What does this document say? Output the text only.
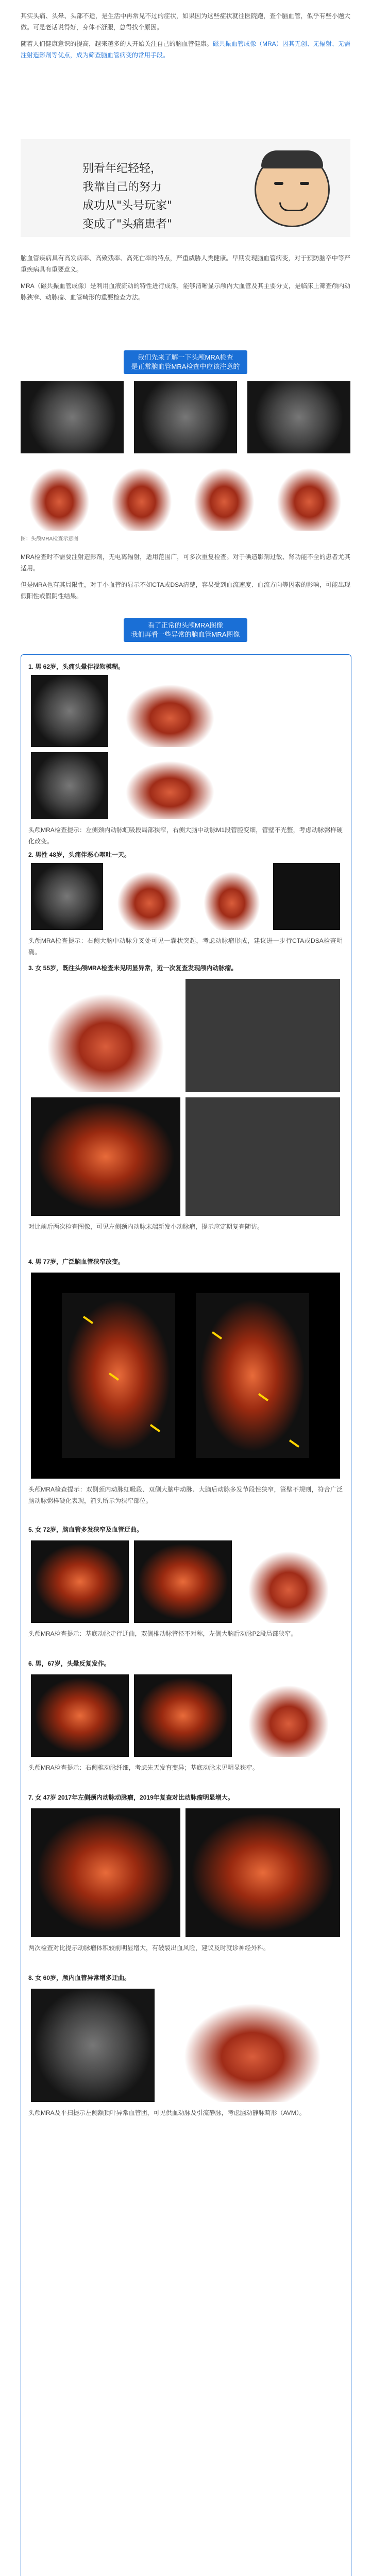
其实头痛、头晕、头部不适，是生活中再常见不过的症状，如果因为这些症状就往医院跑，查个脑血管，似乎有些小题大做。可是老话说得好，身体不舒服，总得找个原因。

随着人们健康意识的提高，越来越多的人开始关注自己的脑血管健康。磁共振血管成像（MRA）因其无创、无辐射、无需注射造影剂等优点，成为筛查脑血管病变的常用手段。

别看年纪轻轻，
我靠自己的努力
成功从"头号玩家"
变成了"头痛患者"

脑血管疾病具有高发病率、高致残率、高死亡率的特点，严重威胁人类健康。早期发现脑血管病变，对于预防脑卒中等严重疾病具有重要意义。

MRA（磁共振血管成像）是利用血液流动的特性进行成像，能够清晰显示颅内大血管及其主要分支，是临床上筛查颅内动脉狭窄、动脉瘤、血管畸形的重要检查方法。

我们先来了解一下头颅MRA检查
是正常脑血管MRA检查中应该注意的
图：头颅MRA检查示意图

MRA检查时不需要注射造影剂，无电离辐射，适用范围广，可多次重复检查。对于碘造影剂过敏、肾功能不全的患者尤其适用。

但是MRA也有其局限性，对于小血管的显示不如CTA或DSA清楚，容易受到血流速度、血流方向等因素的影响，可能出现假阳性或假阴性结果。

看了正常的头颅MRA图像
我们再看一些异常的脑血管MRA图像
1. 男 62岁，头痛头晕伴视物模糊。
头颅MRA检查提示：左侧颈内动脉虹吸段局部狭窄，右侧大脑中动脉M1段管腔变细，管壁不光整，考虑动脉粥样硬化改变。
2. 男性 48岁，头痛伴恶心呕吐一天。
头颅MRA检查提示：右侧大脑中动脉分叉处可见一囊状突起，考虑动脉瘤形成，建议进一步行CTA或DSA检查明确。
3. 女 55岁，既往头颅MRA检查未见明显异常，近一次复查发现颅内动脉瘤。
对比前后两次检查图像，可见左侧颈内动脉末端新发小动脉瘤，提示应定期复查随访。
4. 男 77岁，广泛脑血管狭窄改变。
头颅MRA检查提示：双侧颈内动脉虹吸段、双侧大脑中动脉、大脑后动脉多发节段性狭窄，管壁不规则，符合广泛脑动脉粥样硬化表现，箭头所示为狭窄部位。
5. 女 72岁，脑血管多发狭窄及血管迂曲。
头颅MRA检查提示：基底动脉走行迂曲，双侧椎动脉管径不对称，左侧大脑后动脉P2段局部狭窄。
6. 男，67岁，头晕反复发作。
头颅MRA检查提示：右侧椎动脉纤细，考虑先天发育变异；基底动脉未见明显狭窄。
7. 女 47岁 2017年左侧颈内动脉动脉瘤，2019年复查对比动脉瘤明显增大。
两次检查对比提示动脉瘤体积较前明显增大，有破裂出血风险，建议及时就诊神经外科。
8. 女 60岁，颅内血管异常增多迂曲。
头颅MRA及平扫提示左侧额顶叶异常血管团，可见供血动脉及引流静脉，考虑脑动静脉畸形（AVM）。
